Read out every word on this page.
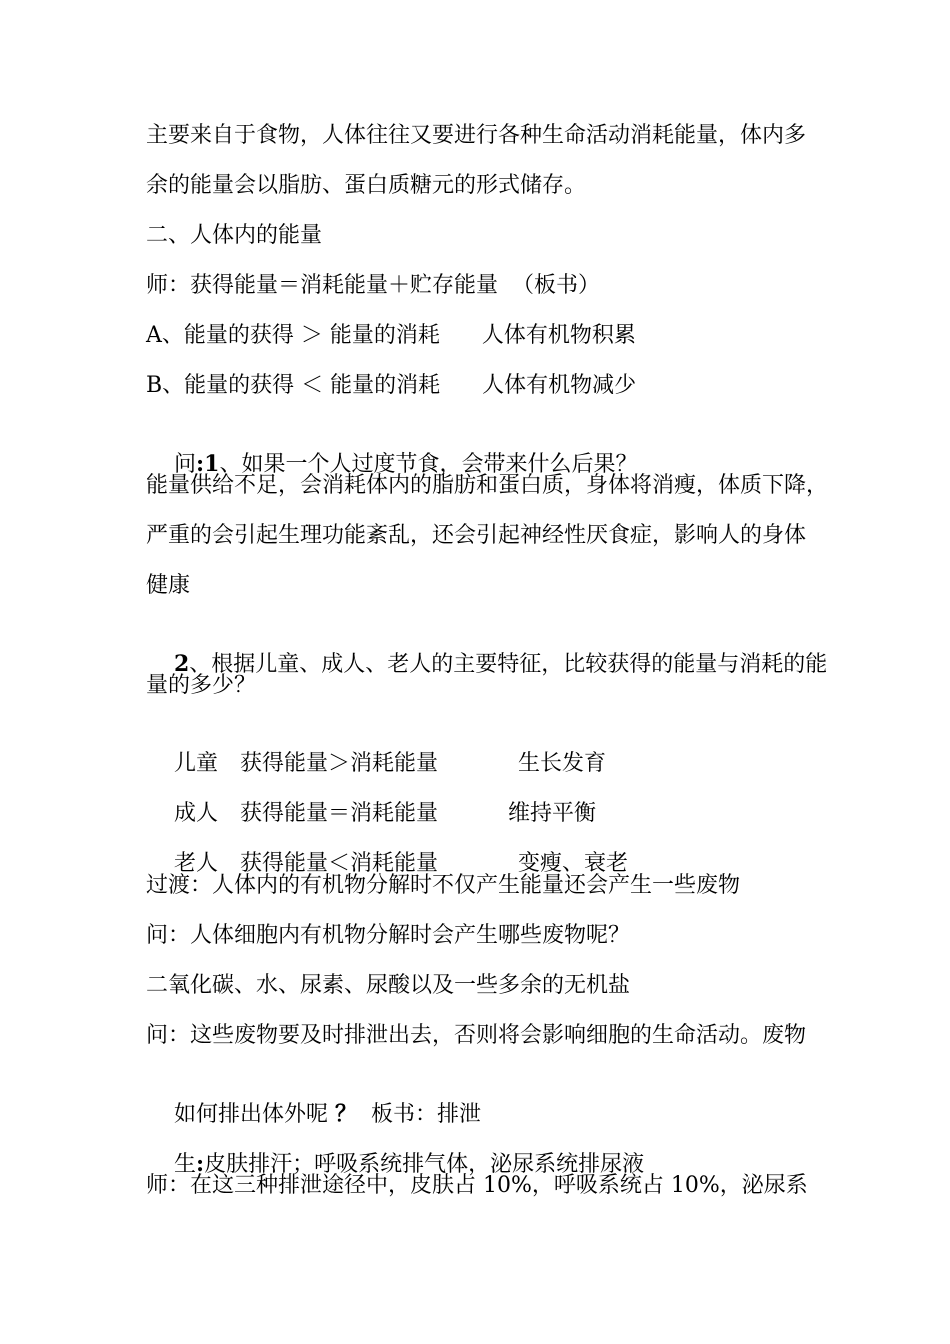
主要来自于食物，人体往往又要进行各种生命活动消耗能量，体内多
余的能量会以脂肪、蛋白质糖元的形式储存。
二、人体内的能量
师：获得能量＝消耗能量＋贮存能量  （板书）
A、能量的获得 ＞ 能量的消耗      人体有机物积累
B、能量的获得 ＜ 能量的消耗      人体有机物减少

问:1、如果一个人过度节食，会带来什么后果？

能量供给不足，会消耗体内的脂肪和蛋白质，身体将消瘦，体质下降，
严重的会引起生理功能紊乱，还会引起神经性厌食症，影响人的身体
健康

2、根据儿童、成人、老人的主要特征，比较获得的能量与消耗的能

量的多少？

儿童 获得能量＞消耗能量	生长发育

成人 获得能量＝消耗能量	维持平衡

老人 获得能量＜消耗能量	变瘦、衰老

过渡：人体内的有机物分解时不仅产生能量还会产生一些废物
问：人体细胞内有机物分解时会产生哪些废物呢？
二氧化碳、水、尿素、尿酸以及一些多余的无机盐
问：这些废物要及时排泄出去，否则将会影响细胞的生命活动。废物

如何排出体外呢 ？  板书：排泄

生:皮肤排汗；呼吸系统排气体，泌尿系统排尿液

师：在这三种排泄途径中，皮肤占 10%，呼吸系统占 10%，泌尿系
